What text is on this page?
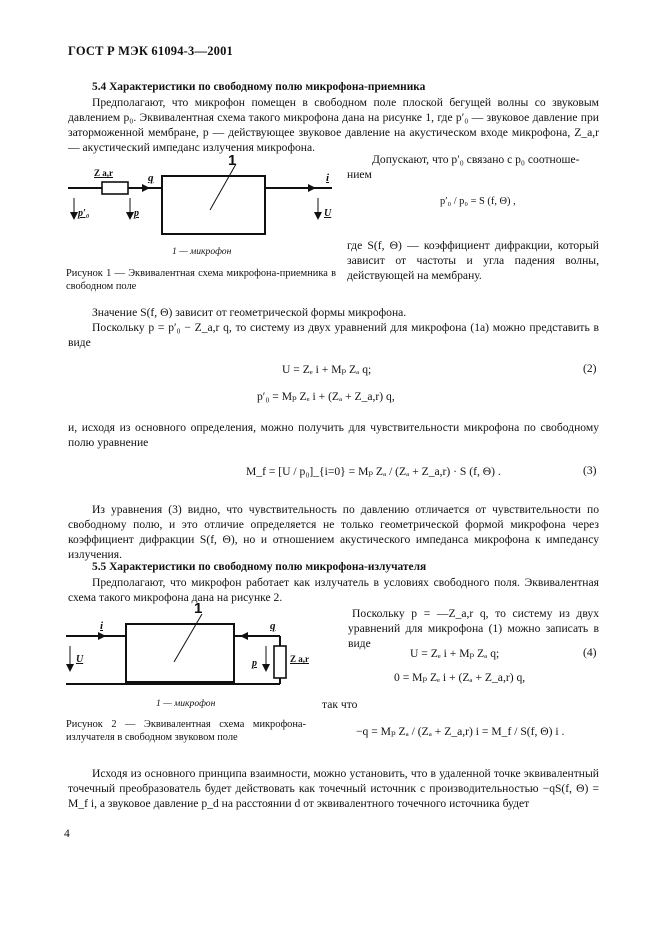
ГОСТ Р МЭК 61094-3—2001
5.4 Характеристики по свободному полю микрофона-приемника
Предполагают, что микрофон помещен в свободном поле плоской бегущей волны со звуковым давлением p₀. Эквивалентная схема такого микрофона дана на рисунке 1, где p′₀ — звуковое давление при заторможенной мембране, p — действующее звуковое давление на акустическом входе микрофона, Z_a,r — акустический импеданс излучения микрофона.
1
Z a,r	q	i
p′₀	p	U
1 — микрофон
Рисунок 1 — Эквивалентная схема микрофона-приемника в свободном поле
Допускают, что p′₀ связано с p₀ соотноше-
нием
p′₀ / p₀ = S (f, Θ) ,
где S(f, Θ) — коэффициент дифракции, который зависит от частоты и угла падения волны, действующей на мембрану.
Значение S(f, Θ) зависит от геометрической формы микрофона.
Поскольку p = p′₀ − Z_a,r q, то систему из двух уравнений для микрофона (1а) можно представить в виде
U = Zₑ i + Mₚ Zₐ q;
p′₀ = Mₚ Zₑ i + (Zₐ + Z_a,r) q,
(2)
и, исходя из основного определения, можно получить для чувствительности микрофона по свободному полю уравнение
M_f = [U / p₀]_{i=0} = Mₚ Zₐ / (Zₐ + Z_a,r) · S (f, Θ) .	(3)
Из уравнения (3) видно, что чувствительность по давлению отличается от чувствительности по свободному полю, и это отличие определяется не только геометрической формой микрофона через коэффициент дифракции S(f, Θ), но и отношением акустического импеданса микрофона к импедансу излучения.
5.5 Характеристики по свободному полю микрофона-излучателя
Предполагают, что микрофон работает как излучатель в условиях свободного поля. Эквивалентная схема такого микрофона дана на рисунке 2.
1
i
U
q
p	Z a,r
1 — микрофон
Рисунок 2 — Эквивалентная схема микрофона-излучателя в свободном звуковом поле
Поскольку p = —Z_a,r q, то систему из двух уравнений для микрофона (1) можно записать в виде
U = Zₑ i + Mₚ Zₐ q;
0 = Mₚ Zₑ i + (Zₐ + Z_a,r) q,
(4)
так что
−q = Mₚ Zₐ / (Zₐ + Z_a,r) i = M_f / S(f, Θ) i .
Исходя из основного принципа взаимности, можно установить, что в удаленной точке эквивалентный точечный преобразователь будет действовать как точечный источник с производительностью −qS(f, Θ) = M_f i, а звуковое давление p_d на расстоянии d от эквивалентного точечного источника будет
4
